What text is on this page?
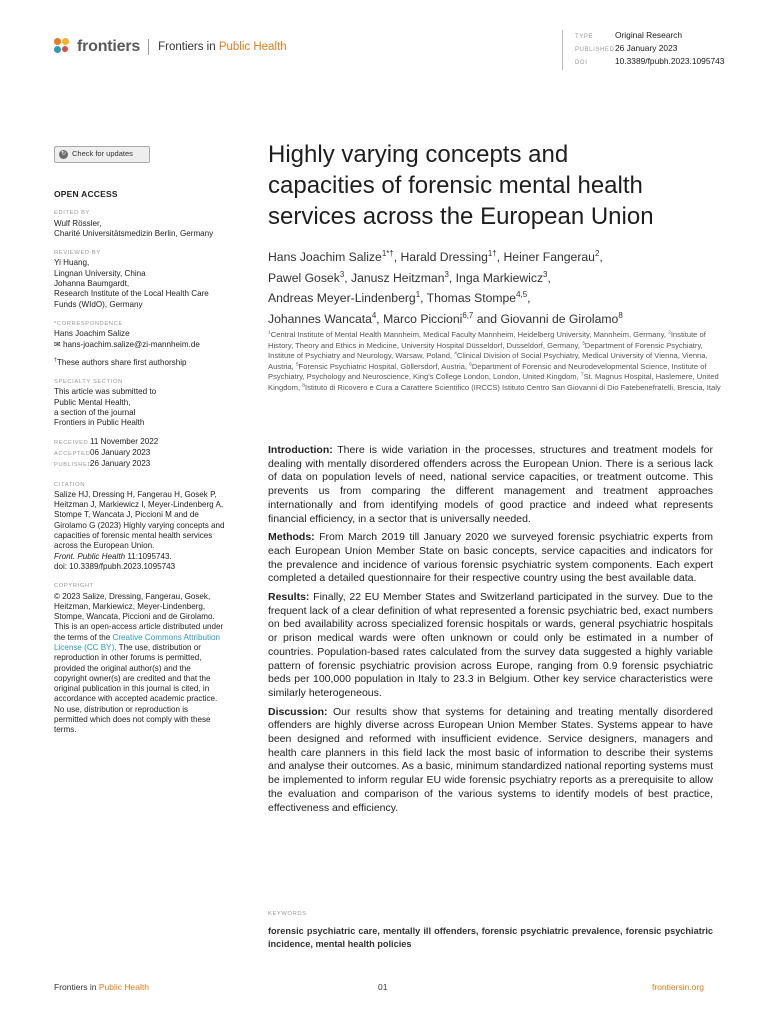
frontiers Frontiers in Public Health
TYPE	Original Research
PUBLISHED26 January 2023
DOI	10.3389/fpubh.2023.1095743
↻ Check for updates
OPEN ACCESS
EDITED BY

Wulf Rössler,
Charité Universitätsmedizin Berlin, Germany

REVIEWED BY

Yi Huang,
Lingnan University, China
Johanna Baumgardt,
Research Institute of the Local Health Care
Funds (WIdO), Germany

*CORRESPONDENCE

Hans Joachim Salize
✉ hans-joachim.salize@zi-mannheim.de

†These authors share first authorship

SPECIALTY SECTION

This article was submitted to
Public Mental Health,
a section of the journal
Frontiers in Public Health

RECEIVED 11 November 2022
ACCEPTED06 January 2023
PUBLISHED26 January 2023
CITATION

Salize HJ, Dressing H, Fangerau H, Gosek P,
Heitzman J, Markiewicz I, Meyer-Lindenberg A,
Stompe T, Wancata J, Piccioni M and de
Girolamo G (2023) Highly varying concepts and
capacities of forensic mental health services
across the European Union.
Front. Public Health 11:1095743.
doi: 10.3389/fpubh.2023.1095743

COPYRIGHT

© 2023 Salize, Dressing, Fangerau, Gosek,
Heitzman, Markiewicz, Meyer-Lindenberg,
Stompe, Wancata, Piccioni and de Girolamo.
This is an open-access article distributed under
the terms of the Creative Commons Attribution
License (CC BY). The use, distribution or
reproduction in other forums is permitted,
provided the original author(s) and the
copyright owner(s) are credited and that the
original publication in this journal is cited, in
accordance with accepted academic practice.
No use, distribution or reproduction is
permitted which does not comply with these
terms.

Highly varying concepts and
capacities of forensic mental health
services across the European Union
Hans Joachim Salize$^{1*\dagger}$, Harald Dressing$^{1\dagger}$, Heiner Fangerau$^2$,
Pawel Gosek$^3$, Janusz Heitzman$^3$, Inga Markiewicz$^3$,
Andreas Meyer-Lindenberg$^1$, Thomas Stompe$^{4,5}$,
Johannes Wancata$^4$, Marco Piccioni$^{6,7}$ and Giovanni de Girolamo$^8$
$^1$Central Institute of Mental Health Mannheim, Medical Faculty Mannheim, Heidelberg University, Mannheim, Germany, $^2$Institute of History, Theory and Ethics in Medicine, University Hospital Düsseldorf, Dusseldorf, Germany, $^3$Department of Forensic Psychiatry, Institute of Psychiatry and Neurology, Warsaw, Poland, $^4$Clinical Division of Social Psychiatry, Medical University of Vienna, Vienna, Austria, $^5$Forensic Psychiatric Hospital, Göllersdorf, Austria, $^6$Department of Forensic and Neurodevelopmental Science, Institute of Psychiatry, Psychology and Neuroscience, King's College London, London, United Kingdom, $^7$St. Magnus Hospital, Haslemere, United Kingdom, $^8$Istituto di Ricovero e Cura a Carattere Scientifico (IRCCS) Istituto Centro San Giovanni di Dio Fatebenefratelli, Brescia, Italy

Introduction: There is wide variation in the processes, structures and treatment models for dealing with mentally disordered offenders across the European Union. There is a serious lack of data on population levels of need, national service capacities, or treatment outcome. This prevents us from comparing the different management and treatment approaches internationally and from identifying models of good practice and indeed what represents financial efficiency, in a sector that is universally needed.

Methods: From March 2019 till January 2020 we surveyed forensic psychiatric experts from each European Union Member State on basic concepts, service capacities and indicators for the prevalence and incidence of various forensic psychiatric system components. Each expert completed a detailed questionnaire for their respective country using the best available data.

Results: Finally, 22 EU Member States and Switzerland participated in the survey. Due to the frequent lack of a clear definition of what represented a forensic psychiatric bed, exact numbers on bed availability across specialized forensic hospitals or wards, general psychiatric hospitals or prison medical wards were often unknown or could only be estimated in a number of countries. Population-based rates calculated from the survey data suggested a highly variable pattern of forensic psychiatric provision across Europe, ranging from 0.9 forensic psychiatric beds per 100,000 population in Italy to 23.3 in Belgium. Other key service characteristics were similarly heterogeneous.

Discussion: Our results show that systems for detaining and treating mentally disordered offenders are highly diverse across European Union Member States. Systems appear to have been designed and reformed with insufficient evidence. Service designers, managers and health care planners in this field lack the most basic of information to describe their systems and analyse their outcomes. As a basic, minimum standardized national reporting systems must be implemented to inform regular EU wide forensic psychiatry reports as a prerequisite to allow the evaluation and comparison of the various systems to identify models of best practice, effectiveness and efficiency.

KEYWORDS
forensic psychiatric care, mentally ill offenders, forensic psychiatric prevalence, forensic psychiatric incidence, mental health policies
Frontiers in Public Health	01	frontiersin.org
